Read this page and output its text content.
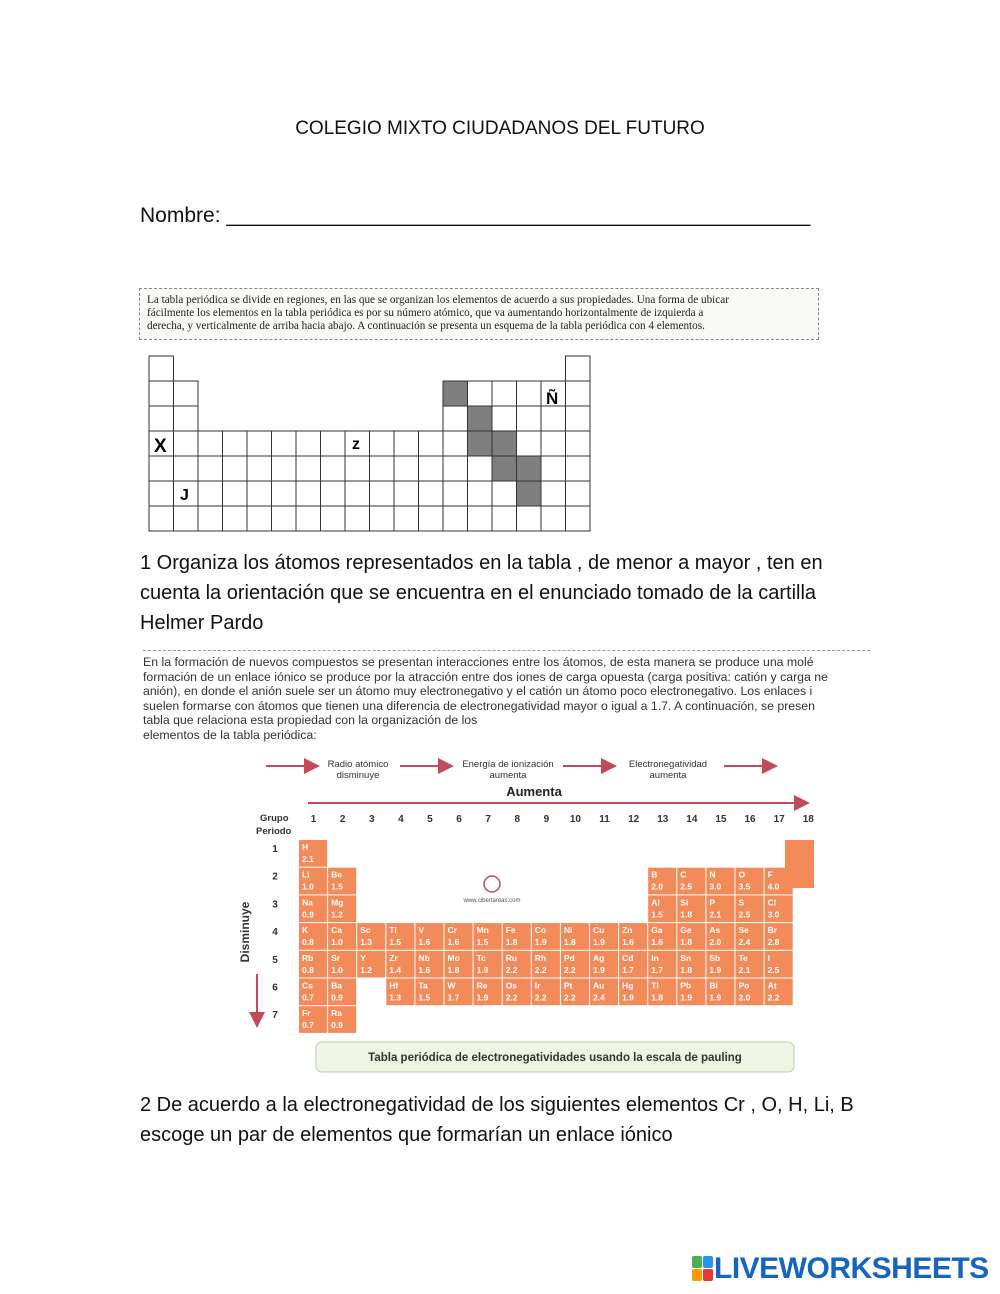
COLEGIO MIXTO CIUDADANOS DEL FUTURO
Nombre: __________________________________________________
La tabla periódica se divide en regiones, en las que se organizan los elementos de acuerdo a sus propiedades. Una forma de ubicar
fácilmente los elementos en la tabla periódica es por su número atómico, que va aumentando horizontalmente de izquierda a
derecha, y verticalmente de arriba hacia abajo. A continuación se presenta un esquema de la tabla periódica con 4 elementos.
X
J
z
Ñ
1 Organiza los átomos representados en la tabla , de menor a mayor , ten en cuenta la orientación que se encuentra en el enunciado tomado de la cartilla Helmer Pardo
En la formación de nuevos compuestos se presentan interacciones entre los átomos, de esta manera se produce una molé
formación de un enlace iónico se produce por la atracción entre dos iones de carga opuesta (carga positiva: catión y carga ne
anión), en donde el anión suele ser un átomo muy electronegativo y el catión un átomo poco electronegativo. Los enlaces i
suelen formarse con átomos que tienen una diferencia de electronegatividad mayor o igual a 1.7. A continuación, se presen
tabla que relaciona esta propiedad con la organización de los
elementos de la tabla periódica:
Radio atómico
disminuye
Energía de ionización
aumenta
Electronegatividad
aumenta
Aumenta
Grupo
Periodo
1 2 3 4 5 6 7 8 9 10 11 12 13 14 15 16 17 18
1
2
3
4
5
6
7
Disminuye
www.cibertareas.com
H
2.1
Li
1.0
Be
1.5
B
2.0
C
2.5
N
3.0
O
3.5
F
4.0
Na
0.9
Mg
1.2
Al
1.5
Si
1.8
P
2.1
S
2.5
Cl
3.0
K
0.8
Ca
1.0
Sc
1.3
Ti
1.5
V
1.6
Cr
1.6
Mn
1.5
Fe
1.8
Co
1.9
Ni
1.8
Cu
1.9
Zn
1.6
Ga
1.6
Ge
1.8
As
2.0
Se
2.4
Br
2.8
Rb
0.8
Sr
1.0
Y
1.2
Zr
1.4
Nb
1.6
Mo
1.8
Tc
1.9
Ru
2.2
Rh
2.2
Pd
2.2
Ag
1.9
Cd
1.7
In
1.7
Sn
1.8
Sb
1.9
Te
2.1
I
2.5
Cs
0.7
Ba
0.9
Hf
1.3
Ta
1.5
W
1.7
Re
1.9
Os
2.2
Ir
2.2
Pt
2.2
Au
2.4
Hg
1.9
Tl
1.8
Pb
1.9
Bi
1.9
Po
2.0
At
2.2
Fr
0.7
Ra
0.9
Tabla periódica de electronegatividades usando la escala de pauling
2 De acuerdo a la electronegatividad de los siguientes elementos Cr , O, H, Li, B escoge un par de elementos que formarían un enlace iónico
LIVEWORKSHEETS
